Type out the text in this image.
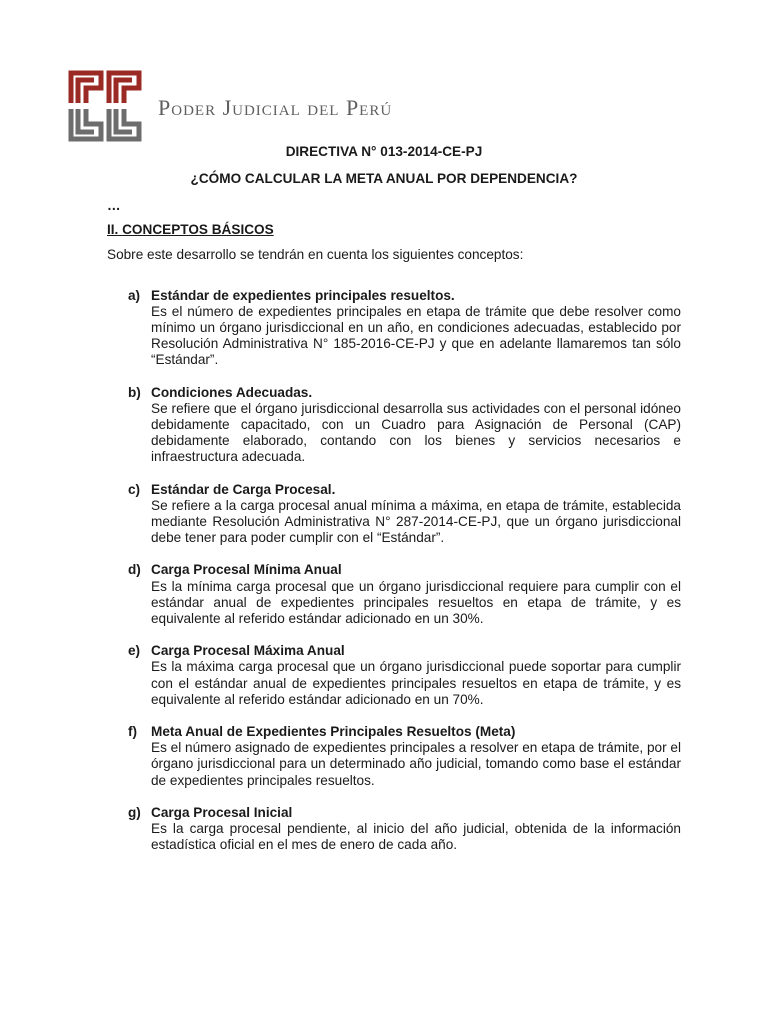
Poder Judicial del Perú
DIRECTIVA N° 013-2014-CE-PJ
¿CÓMO CALCULAR LA META ANUAL POR DEPENDENCIA?
…
II. CONCEPTOS BÁSICOS
Sobre este desarrollo se tendrán en cuenta los siguientes conceptos:
a) Estándar de expedientes principales resueltos.
Es el número de expedientes principales en etapa de trámite que debe resolver como mínimo un órgano jurisdiccional en un año, en condiciones adecuadas, establecido por Resolución Administrativa N° 185-2016-CE-PJ y que en adelante llamaremos tan sólo “Estándar”.
b) Condiciones Adecuadas.
Se refiere que el órgano jurisdiccional desarrolla sus actividades con el personal idóneo debidamente capacitado, con un Cuadro para Asignación de Personal (CAP) debidamente elaborado, contando con los bienes y servicios necesarios e infraestructura adecuada.
c) Estándar de Carga Procesal.
Se refiere a la carga procesal anual mínima a máxima, en etapa de trámite, establecida mediante Resolución Administrativa N° 287-2014-CE-PJ, que un órgano jurisdiccional debe tener para poder cumplir con el “Estándar”.
d) Carga Procesal Mínima Anual
Es la mínima carga procesal que un órgano jurisdiccional requiere para cumplir con el estándar anual de expedientes principales resueltos en etapa de trámite, y es equivalente al referido estándar adicionado en un 30%.
e) Carga Procesal Máxima Anual
Es la máxima carga procesal que un órgano jurisdiccional puede soportar para cumplir con el estándar anual de expedientes principales resueltos en etapa de trámite, y es equivalente al referido estándar adicionado en un 70%.
f)	Meta Anual de Expedientes Principales Resueltos (Meta)
Es el número asignado de expedientes principales a resolver en etapa de trámite, por el órgano jurisdiccional para un determinado año judicial, tomando como base el estándar de expedientes principales resueltos.
g) Carga Procesal Inicial
Es la carga procesal pendiente, al inicio del año judicial, obtenida de la información estadística oficial en el mes de enero de cada año.
